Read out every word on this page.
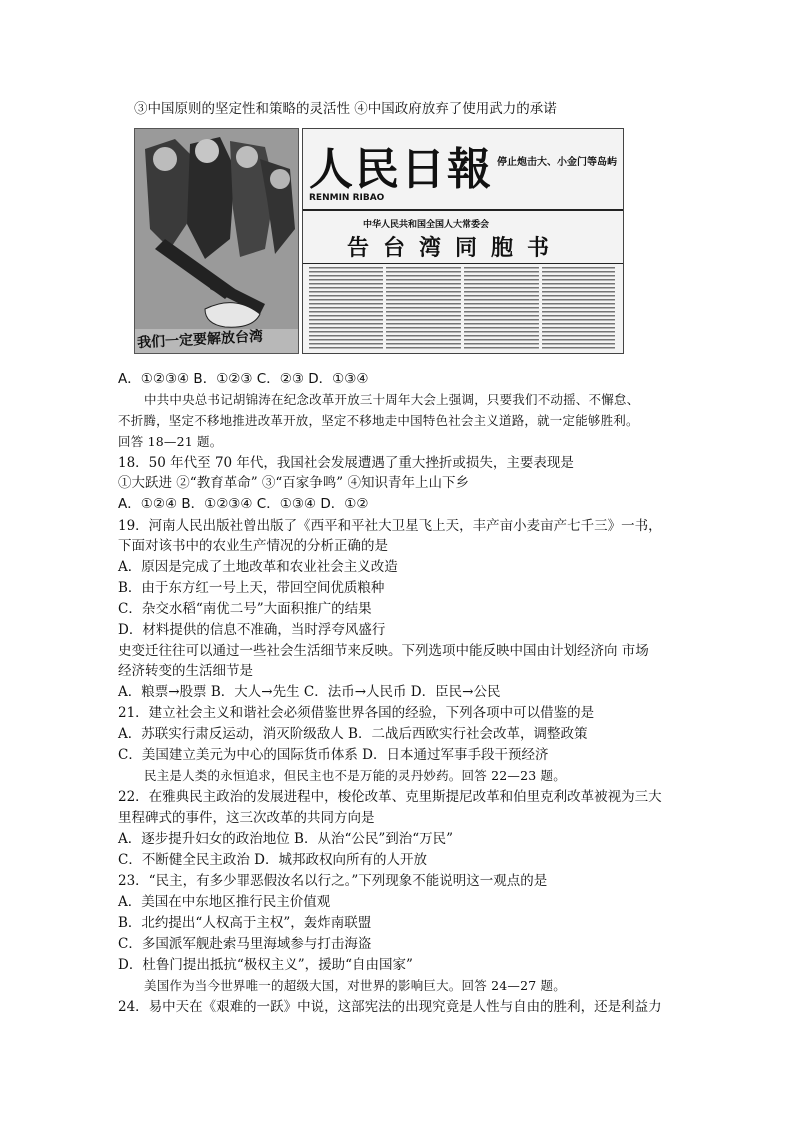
③中国原则的坚定性和策略的灵活性 ④中国政府放弃了使用武力的承诺
我们一定要解放台湾
人民日報 停止炮击大、小金门等岛屿
RENMIN RIBAO
中华人民共和国全国人大常委会
告台湾同胞书
A．①②③④ B．①②③ C．②③ D．①③④
中共中央总书记胡锦涛在纪念改革开放三十周年大会上强调，只要我们不动摇、不懈怠、
不折腾，坚定不移地推进改革开放，坚定不移地走中国特色社会主义道路，就一定能够胜利。
回答 18—21 题。
18．50 年代至 70 年代，我国社会发展遭遇了重大挫折或损失，主要表现是
①大跃进 ②“教育革命” ③“百家争鸣” ④知识青年上山下乡
A．①②④ B．①②③④ C．①③④ D．①②
19．河南人民出版社曾出版了《西平和平社大卫星飞上天，丰产亩小麦亩产七千三》一书，
下面对该书中的农业生产情况的分析正确的是
A．原因是完成了土地改革和农业社会主义改造
B．由于东方红一号上天，带回空间优质粮种
C．杂交水稻“南优二号”大面积推广的结果
D．材料提供的信息不准确，当时浮夸风盛行
史变迁往往可以通过一些社会生活细节来反映。下列选项中能反映中国由计划经济向 市场
经济转变的生活细节是
A．粮票→股票 B．大人→先生 C．法币→人民币 D．臣民→公民
21．建立社会主义和谐社会必须借鉴世界各国的经验，下列各项中可以借鉴的是
A．苏联实行肃反运动，消灭阶级敌人 B．二战后西欧实行社会改革，调整政策
C．美国建立美元为中心的国际货币体系 D．日本通过军事手段干预经济
民主是人类的永恒追求，但民主也不是万能的灵丹妙药。回答 22—23 题。
22．在雅典民主政治的发展进程中，梭伦改革、克里斯提尼改革和伯里克利改革被视为三大
里程碑式的事件，这三次改革的共同方向是
A．逐步提升妇女的政治地位 B．从治“公民”到治“万民”
C．不断健全民主政治 D．城邦政权向所有的人开放
23．“民主，有多少罪恶假汝名以行之。”下列现象不能说明这一观点的是
A．美国在中东地区推行民主价值观
B．北约提出“人权高于主权”，轰炸南联盟
C．多国派军舰赴索马里海域参与打击海盗
D．杜鲁门提出抵抗“极权主义”，援助“自由国家”
美国作为当今世界唯一的超级大国，对世界的影响巨大。回答 24—27 题。
24．易中天在《艰难的一跃》中说，这部宪法的出现究竟是人性与自由的胜利，还是利益力
